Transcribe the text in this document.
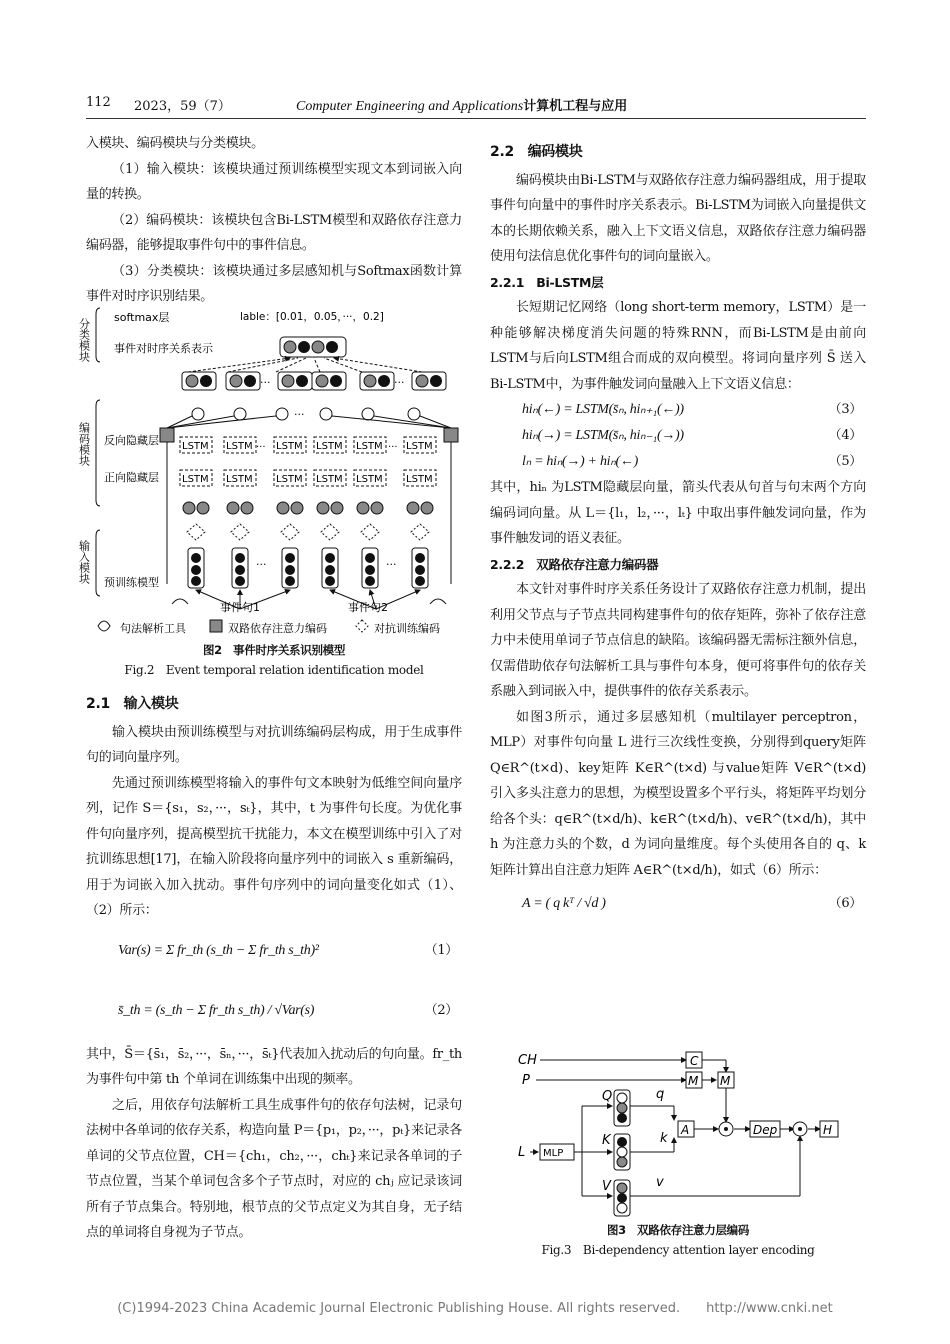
112 2023，59（7）	Computer Engineering and Applications计算机工程与应用
入模块、编码模块与分类模块。
（1）输入模块：该模块通过预训练模型实现文本到词嵌入向量的转换。
（2）编码模块：该模块包含Bi-LSTM模型和双路依存注意力编码器，能够提取事件句中的事件信息。
（3）分类模块：该模块通过多层感知机与Softmax函数计算事件对时序识别结果。
分类模块
编码模块
输入模块
softmax层
事件对时序关系表示
lable：[0.01，0.05，···，0.2]
···	···
···
反向隐藏层
正向隐藏层
LSTM LSTM LSTM LSTM LSTM LSTM
LSTM LSTM LSTM LSTM LSTM LSTM
···	···
···	···
预训练模型
事件句1	事件句2
句法解析工具	双路依存注意力编码	对抗训练编码
图2　事件时序关系识别模型
Fig.2　Event temporal relation identification model
2.1　输入模块
输入模块由预训练模型与对抗训练编码层构成，用于生成事件句的词向量序列。
先通过预训练模型将输入的事件句文本映射为低维空间向量序列，记作 S＝{s₁，s₂，···，sₜ}，其中，t 为事件句长度。为优化事件句向量序列，提高模型抗干扰能力，本文在模型训练中引入了对抗训练思想[17]，在输入阶段将向量序列中的词嵌入 s 重新编码，用于为词嵌入加入扰动。事件句序列中的词向量变化如式（1）、（2）所示：
Var(s) = Σ fr_th (s_th − Σ fr_th s_th)²	（1）
s̄_th = (s_th − Σ fr_th s_th) / √Var(s)	（2）
其中，S̄＝{s̄₁，s̄₂，···，s̄ₙ，···，s̄ₜ}代表加入扰动后的句向量。fr_th 为事件句中第 th 个单词在训练集中出现的频率。
之后，用依存句法解析工具生成事件句的依存句法树，记录句法树中各单词的依存关系，构造向量 P＝{p₁，p₂，···，pₜ}来记录各单词的父节点位置，CH＝{ch₁，ch₂，···，chₜ}来记录各单词的子节点位置，当某个单词包含多个子节点时，对应的 chⱼ 应记录该词所有子节点集合。特别地，根节点的父节点定义为其自身，无子结点的单词将自身视为子节点。
2.2　编码模块
编码模块由Bi-LSTM与双路依存注意力编码器组成，用于提取事件句向量中的事件时序关系表示。Bi-LSTM为词嵌入向量提供文本的长期依赖关系，融入上下文语义信息，双路依存注意力编码器使用句法信息优化事件句的词向量嵌入。
2.2.1　Bi-LSTM层
长短期记忆网络（long short-term memory，LSTM）是一种能够解决梯度消失问题的特殊RNN，而Bi-LSTM是由前向LSTM与后向LSTM组合而成的双向模型。将词向量序列 S̄ 送入Bi-LSTM中，为事件触发词向量融入上下文语义信息：
hiₙ(←) = LSTM(s̄ₙ, hiₙ₊₁(←))	（3）
hiₙ(→) = LSTM(s̄ₙ, hiₙ₋₁(→))	（4）
lₙ = hiₙ(→) + hiₙ(←)	（5）
其中，hiₙ 为LSTM隐藏层向量，箭头代表从句首与句末两个方向编码词向量。从 L＝{l₁，l₂，···，lₜ} 中取出事件触发词向量，作为事件触发词的语义表征。
2.2.2　双路依存注意力编码器
本文针对事件时序关系任务设计了双路依存注意力机制，提出利用父节点与子节点共同构建事件句的依存矩阵，弥补了依存注意力中未使用单词子节点信息的缺陷。该编码器无需标注额外信息，仅需借助依存句法解析工具与事件句本身，便可将事件句的依存关系融入到词嵌入中，提供事件的依存关系表示。
如图3所示，通过多层感知机（multilayer perceptron，MLP）对事件句向量 L 进行三次线性变换，分别得到query矩阵 Q∈R^(t×d)、key矩阵 K∈R^(t×d) 与value矩阵 V∈R^(t×d) 引入多头注意力的思想，为模型设置多个平行头，将矩阵平均划分给各个头：q∈R^(t×d/h)、k∈R^(t×d/h)、v∈R^(t×d/h)，其中 h 为注意力头的个数，d 为词向量维度。每个头使用各自的 q、k 矩阵计算出自注意力矩阵 A∈R^(t×d/h)，如式（6）所示：
A = ( q kᵀ / √d )	（6）
CH
P
L
Q
K
V
q
k
v
MLP
C
M M
A	Dep	H
图3　双路依存注意力层编码
Fig.3　Bi-dependency attention layer encoding
(C)1994-2023 China Academic Journal Electronic Publishing House. All rights reserved.　　http://www.cnki.net
